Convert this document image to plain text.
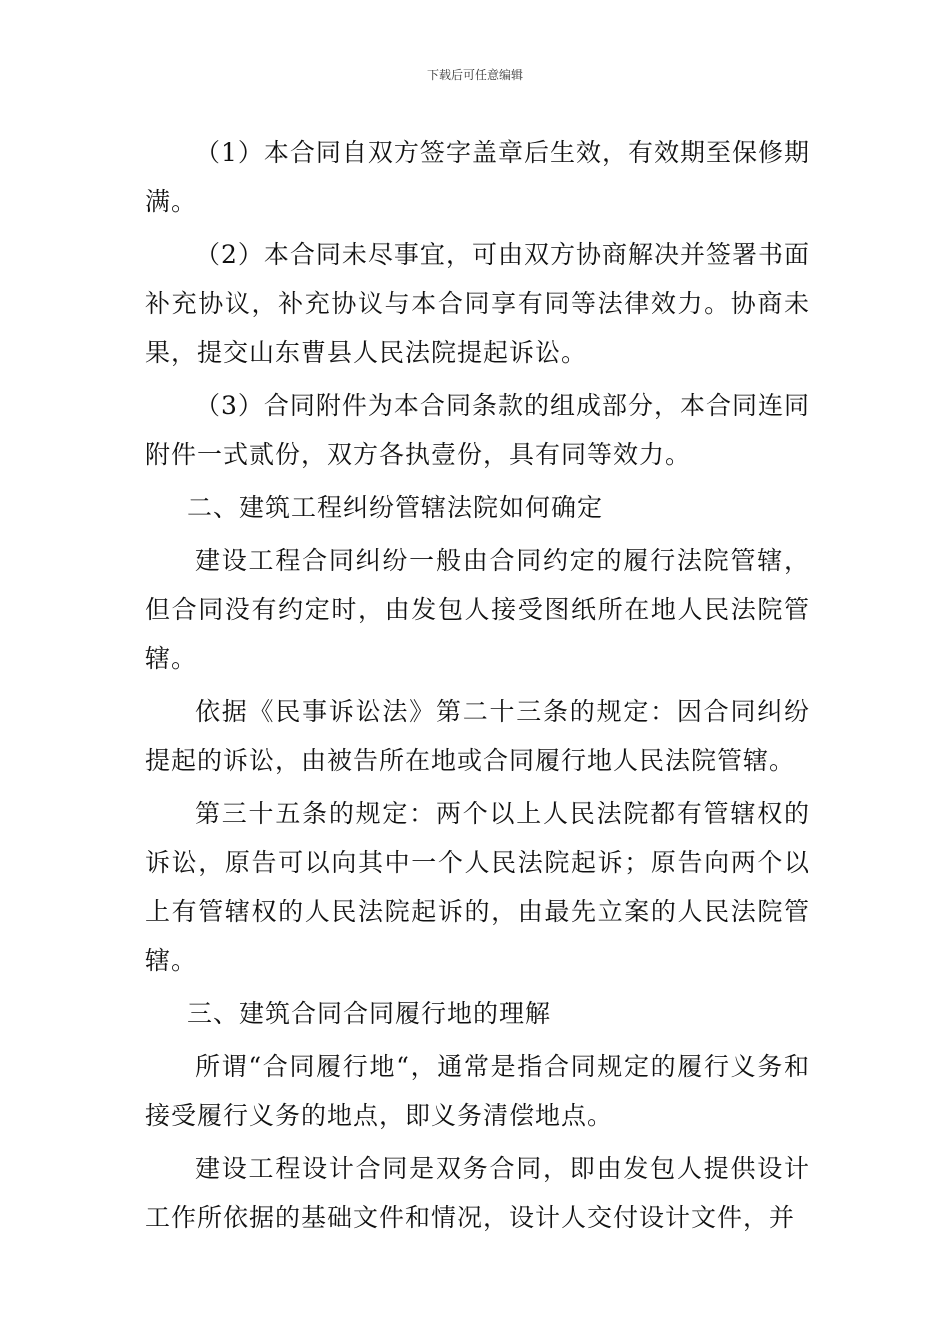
下载后可任意编辑

（1）本合同自双方签字盖章后生效，有效期至保修期满。

（2）本合同未尽事宜，可由双方协商解决并签署书面补充协议，补充协议与本合同享有同等法律效力。协商未果，提交山东曹县人民法院提起诉讼。

（3）合同附件为本合同条款的组成部分，本合同连同附件一式贰份，双方各执壹份，具有同等效力。

二、建筑工程纠纷管辖法院如何确定

建设工程合同纠纷一般由合同约定的履行法院管辖，但合同没有约定时，由发包人接受图纸所在地人民法院管辖。

依据《民事诉讼法》第二十三条的规定：因合同纠纷提起的诉讼，由被告所在地或合同履行地人民法院管辖。

第三十五条的规定：两个以上人民法院都有管辖权的诉讼，原告可以向其中一个人民法院起诉；原告向两个以上有管辖权的人民法院起诉的，由最先立案的人民法院管辖。

三、建筑合同合同履行地的理解

所谓“合同履行地“，通常是指合同规定的履行义务和接受履行义务的地点，即义务清偿地点。

建设工程设计合同是双务合同，即由发包人提供设计工作所依据的基础文件和情况，设计人交付设计文件，并
